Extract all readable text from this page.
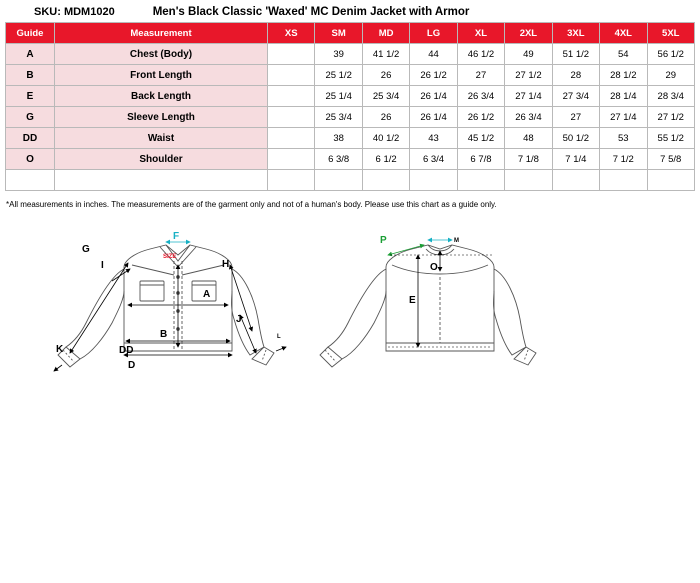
SKU: MDM1020	Men's Black Classic 'Waxed' MC Denim Jacket with Armor
Guide	Measurement	XS	SM	MD	LG	XL	2XL	3XL	4XL	5XL
A	Chest (Body)		39	41 1/2	44	46 1/2	49	51 1/2	54	56 1/2
B	Front Length		25 1/2	26	26 1/2	27	27 1/2	28	28 1/2	29
E	Back Length		25 1/4	25 3/4	26 1/4	26 3/4	27 1/4	27 3/4	28 1/4	28 3/4
G	Sleeve Length		25 3/4	26	26 1/4	26 1/2	26 3/4	27	27 1/4	27 1/2
DD	Waist		38	40 1/2	43	45 1/2	48	50 1/2	53	55 1/2
O	Shoulder		6 3/8	6 1/2	6 3/4	6 7/8	7 1/8	7 1/4	7 1/2	7 5/8

*All measurements in inches. The measurements are of the garment only and not of a human's body. Please use this chart as a guide only.
F
SIZE
G
I	H
A
J
B
DD
D
K
L
P	M
O
E
